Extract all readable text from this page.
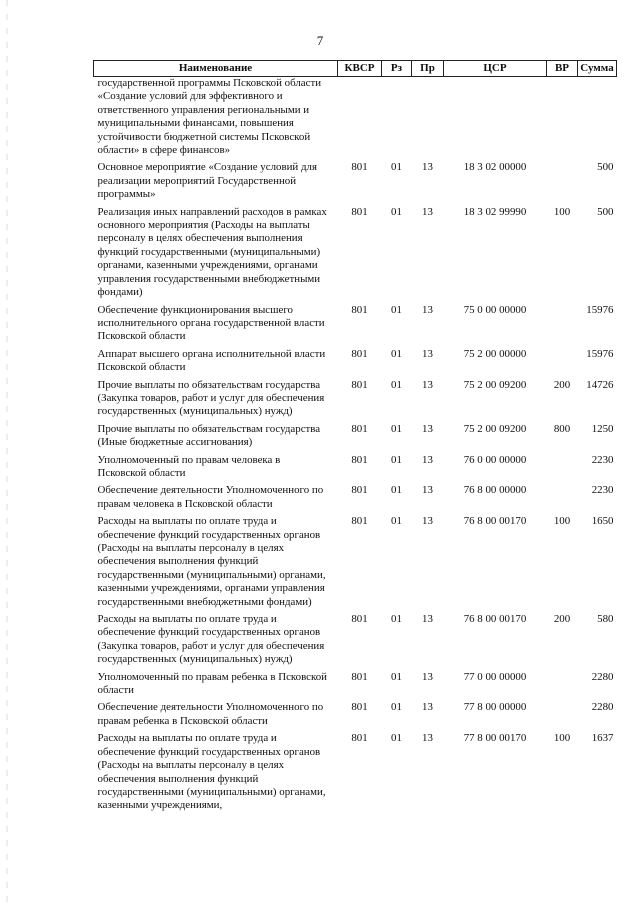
7
Наименование	КВСР	Рз	Пр	ЦСР	ВР	Сумма
государственной программы Псковской области «Создание условий для эффективного и ответственного управления региональными и муниципальными финансами, повышения устойчивости бюджетной системы Псковской области» в сфере финансов»						
Основное мероприятие «Создание условий для реализации мероприятий Государственной программы»	801	01	13	18 3 02 00000		500
Реализация иных направлений расходов в рамках основного мероприятия (Расходы на выплаты персоналу в целях обеспечения выполнения функций государственными (муниципальными) органами, казенными учреждениями, органами управления государственными внебюджетными фондами)	801	01	13	18 3 02 99990	100	500
Обеспечение функционирования высшего исполнительного органа государственной власти Псковской области	801	01	13	75 0 00 00000		15976
Аппарат высшего органа исполнительной власти Псковской области	801	01	13	75 2 00 00000		15976
Прочие выплаты по обязательствам государства (Закупка товаров, работ и услуг для обеспечения государственных (муниципальных) нужд)	801	01	13	75 2 00 09200	200	14726
Прочие выплаты по обязательствам государства (Иные бюджетные ассигнования)	801	01	13	75 2 00 09200	800	1250
Уполномоченный по правам человека в Псковской области	801	01	13	76 0 00 00000		2230
Обеспечение деятельности Уполномоченного по правам человека в Псковской области	801	01	13	76 8 00 00000		2230
Расходы на выплаты по оплате труда и обеспечение функций государственных органов (Расходы на выплаты персоналу в целях обеспечения выполнения функций государственными (муниципальными) органами, казенными учреждениями, органами управления государственными внебюджетными фондами)	801	01	13	76 8 00 00170	100	1650
Расходы на выплаты по оплате труда и обеспечение функций государственных органов (Закупка товаров, работ и услуг для обеспечения государственных (муниципальных) нужд)	801	01	13	76 8 00 00170	200	580
Уполномоченный по правам ребенка в Псковской области	801	01	13	77 0 00 00000		2280
Обеспечение деятельности Уполномоченного по правам ребенка в Псковской области	801	01	13	77 8 00 00000		2280
Расходы на выплаты по оплате труда и обеспечение функций государственных органов (Расходы на выплаты персоналу в целях обеспечения выполнения функций государственными (муниципальными) органами, казенными учреждениями,	801	01	13	77 8 00 00170	100	1637
